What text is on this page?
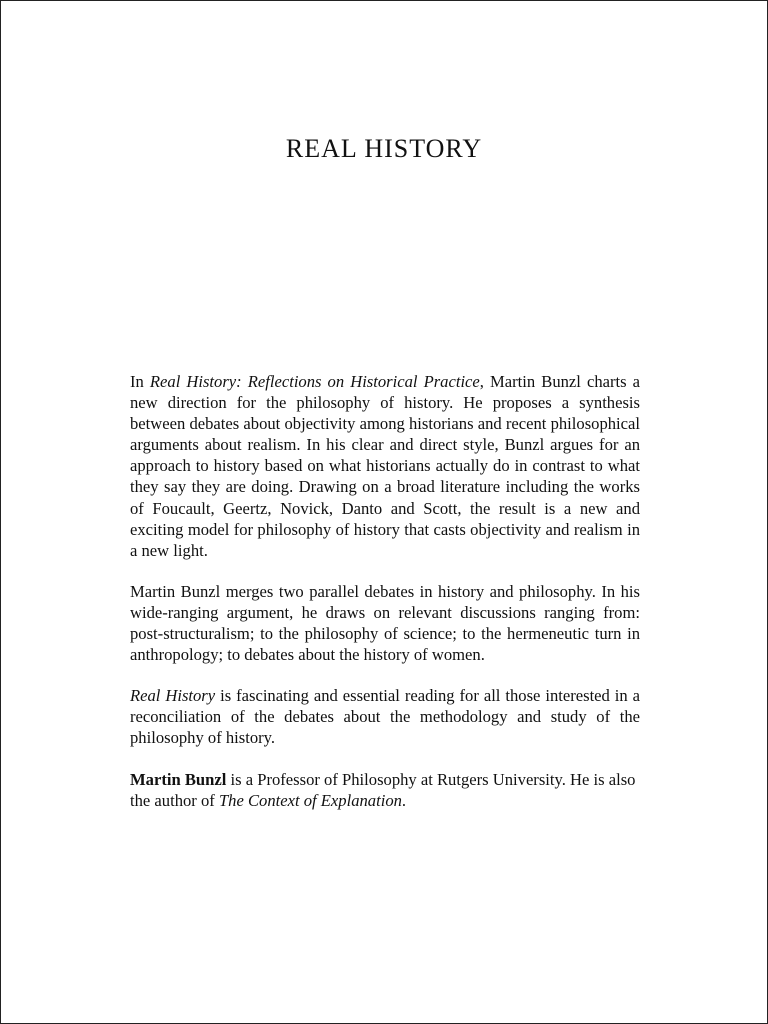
REAL HISTORY

In Real History: Reflections on Historical Practice, Martin Bunzl charts a new direction for the philosophy of history. He proposes a synthesis between debates about objectivity among historians and recent philosophical arguments about realism. In his clear and direct style, Bunzl argues for an approach to history based on what historians actually do in contrast to what they say they are doing. Drawing on a broad literature including the works of Foucault, Geertz, Novick, Danto and Scott, the result is a new and exciting model for philosophy of history that casts objectivity and realism in a new light.

Martin Bunzl merges two parallel debates in history and philosophy. In his wide-ranging argument, he draws on relevant discussions ranging from: post-structuralism; to the philosophy of science; to the hermeneutic turn in anthropology; to debates about the history of women.

Real History is fascinating and essential reading for all those interested in a reconciliation of the debates about the methodology and study of the philosophy of history.

Martin Bunzl is a Professor of Philosophy at Rutgers University. He is also the author of The Context of Explanation.
